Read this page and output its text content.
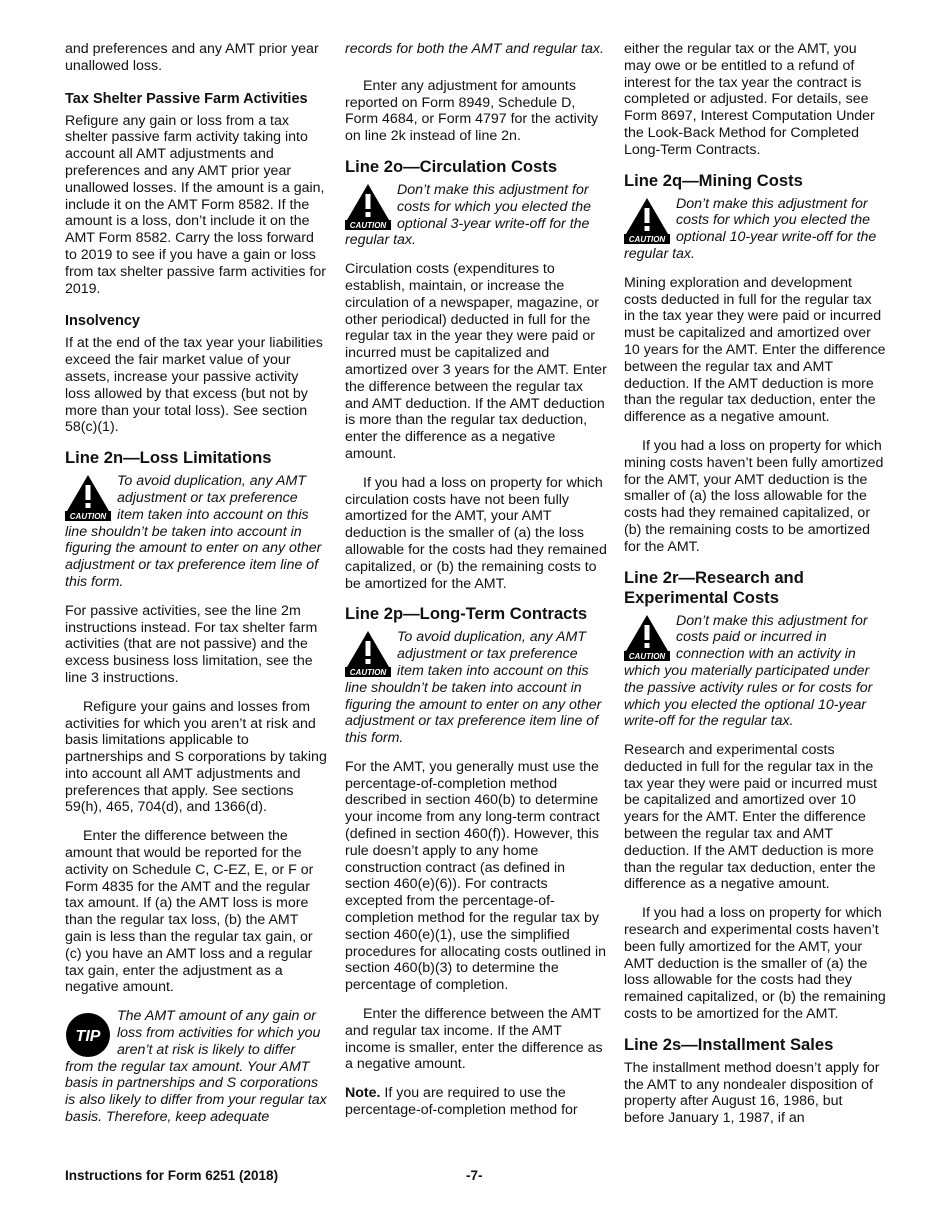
and preferences and any AMT prior year unallowed loss.

Tax Shelter Passive Farm Activities

Refigure any gain or loss from a tax shelter passive farm activity taking into account all AMT adjustments and preferences and any AMT prior year unallowed losses. If the amount is a gain, include it on the AMT Form 8582. If the amount is a loss, don’t include it on the AMT Form 8582. Carry the loss forward to 2019 to see if you have a gain or loss from tax shelter passive farm activities for 2019.

Insolvency

If at the end of the tax year your liabilities exceed the fair market value of your assets, increase your passive activity loss allowed by that excess (but not by more than your total loss). See section 58(c)(1).

Line 2n—Loss Limitations
CAUTION
To avoid duplication, any AMT adjustment or tax preference item taken into account on this line shouldn’t be taken into account in figuring the amount to enter on any other adjustment or tax preference item line of this form.

For passive activities, see the line 2m instructions instead. For tax shelter farm activities (that are not passive) and the excess business loss limitation, see the line 3 instructions.

Refigure your gains and losses from activities for which you aren’t at risk and basis limitations applicable to partnerships and S corporations by taking into account all AMT adjustments and preferences that apply. See sections 59(h), 465, 704(d), and 1366(d).

Enter the difference between the amount that would be reported for the activity on Schedule C, C-EZ, E, or F or Form 4835 for the AMT and the regular tax amount. If (a) the AMT loss is more than the regular tax loss, (b) the AMT gain is less than the regular tax gain, or (c) you have an AMT loss and a regular tax gain, enter the adjustment as a negative amount.

TIP
The AMT amount of any gain or loss from activities for which you aren’t at risk is likely to differ from the regular tax amount. Your AMT basis in partnerships and S corporations is also likely to differ from your regular tax basis. Therefore, keep adequate

records for both the AMT and regular tax.

Enter any adjustment for amounts reported on Form 8949, Schedule D, Form 4684, or Form 4797 for the activity on line 2k instead of line 2n.

Line 2o—Circulation Costs
CAUTION
Don’t make this adjustment for costs for which you elected the optional 3-year write-off for the regular tax.

Circulation costs (expenditures to establish, maintain, or increase the circulation of a newspaper, magazine, or other periodical) deducted in full for the regular tax in the year they were paid or incurred must be capitalized and amortized over 3 years for the AMT. Enter the difference between the regular tax and AMT deduction. If the AMT deduction is more than the regular tax deduction, enter the difference as a negative amount.

If you had a loss on property for which circulation costs have not been fully amortized for the AMT, your AMT deduction is the smaller of (a) the loss allowable for the costs had they remained capitalized, or (b) the remaining costs to be amortized for the AMT.

Line 2p—Long-Term Contracts
CAUTION
To avoid duplication, any AMT adjustment or tax preference item taken into account on this line shouldn’t be taken into account in figuring the amount to enter on any other adjustment or tax preference item line of this form.

For the AMT, you generally must use the percentage-of-completion method described in section 460(b) to determine your income from any long-term contract (defined in section 460(f)). However, this rule doesn’t apply to any home construction contract (as defined in section 460(e)(6)). For contracts excepted from the percentage-of-completion method for the regular tax by section 460(e)(1), use the simplified procedures for allocating costs outlined in section 460(b)(3) to determine the percentage of completion.

Enter the difference between the AMT and regular tax income. If the AMT income is smaller, enter the difference as a negative amount.

Note. If you are required to use the percentage-of-completion method for

either the regular tax or the AMT, you may owe or be entitled to a refund of interest for the tax year the contract is completed or adjusted. For details, see Form 8697, Interest Computation Under the Look-Back Method for Completed Long-Term Contracts.

Line 2q—Mining Costs
CAUTION
Don’t make this adjustment for costs for which you elected the optional 10-year write-off for the regular tax.

Mining exploration and development costs deducted in full for the regular tax in the tax year they were paid or incurred must be capitalized and amortized over 10 years for the AMT. Enter the difference between the regular tax and AMT deduction. If the AMT deduction is more than the regular tax deduction, enter the difference as a negative amount.

If you had a loss on property for which mining costs haven’t been fully amortized for the AMT, your AMT deduction is the smaller of (a) the loss allowable for the costs had they remained capitalized, or (b) the remaining costs to be amortized for the AMT.

Line 2r—Research and Experimental Costs
CAUTION
Don’t make this adjustment for costs paid or incurred in connection with an activity in which you materially participated under the passive activity rules or for costs for which you elected the optional 10-year write-off for the regular tax.

Research and experimental costs deducted in full for the regular tax in the tax year they were paid or incurred must be capitalized and amortized over 10 years for the AMT. Enter the difference between the regular tax and AMT deduction. If the AMT deduction is more than the regular tax deduction, enter the difference as a negative amount.

If you had a loss on property for which research and experimental costs haven’t been fully amortized for the AMT, your AMT deduction is the smaller of (a) the loss allowable for the costs had they remained capitalized, or (b) the remaining costs to be amortized for the AMT.

Line 2s—Installment Sales

The installment method doesn’t apply for the AMT to any nondealer disposition of property after August 16, 1986, but before January 1, 1987, if an

Instructions for Form 6251 (2018)	-7-
